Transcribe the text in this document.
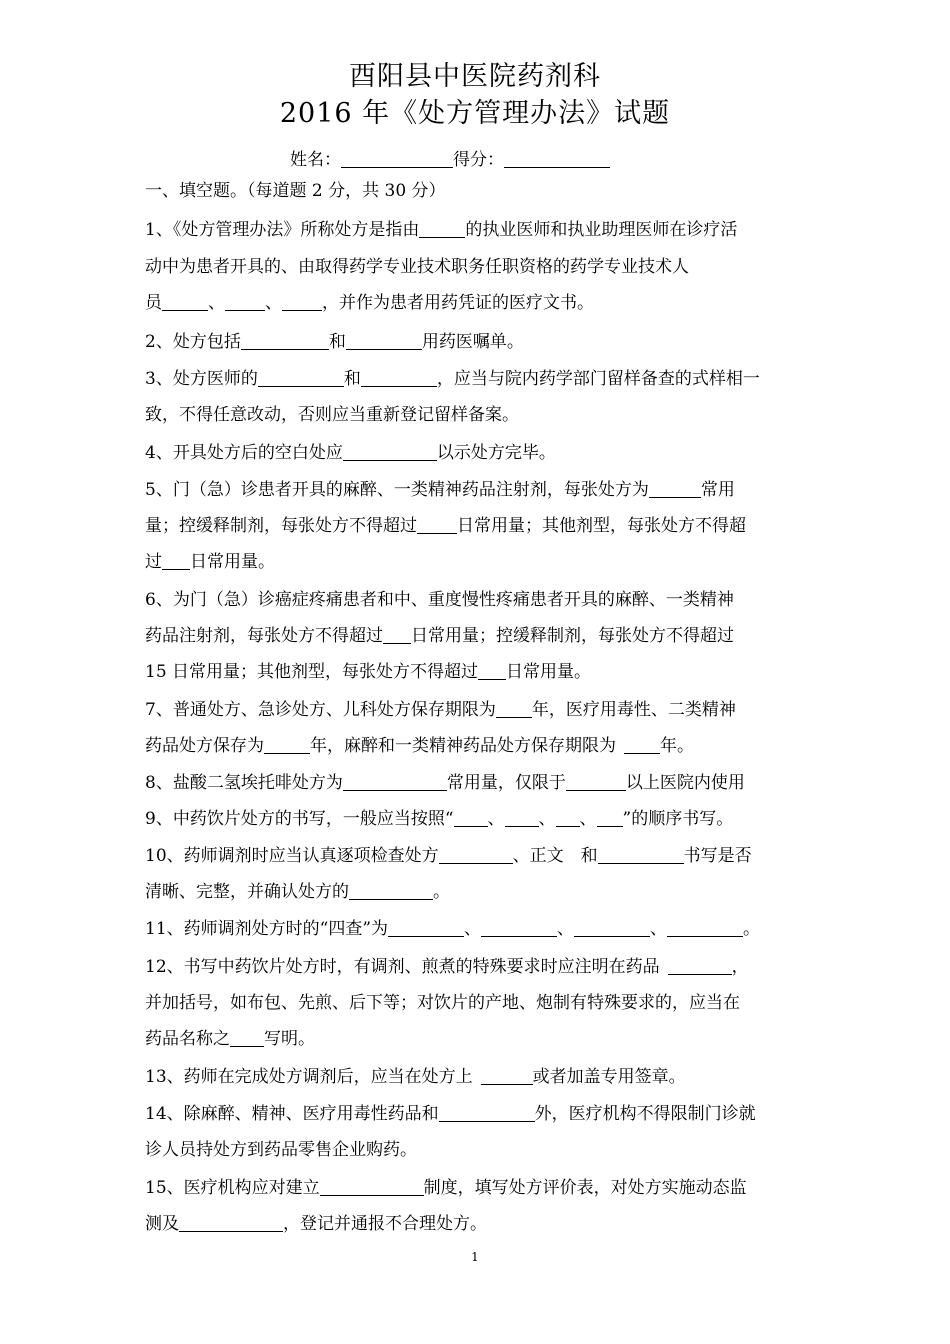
酉阳县中医院药剂科
2016 年《处方管理办法》试题
姓名：	得分：
一、填空题。（每道题 2 分，共 30 分）
1、《处方管理办法》所称处方是指由	的执业医师和执业助理医师在诊疗活
动中为患者开具的、由取得药学专业技术职务任职资格的药学专业技术人
员	、 、 ，并作为患者用药凭证的医疗文书。
2、处方包括	和	用药医嘱单。
3、处方医师的	和	，应当与院内药学部门留样备查的式样相一
致，不得任意改动，否则应当重新登记留样备案。
4、开具处方后的空白处应	以示处方完毕。
5、门（急）诊患者开具的麻醉、一类精神药品注射剂，每张处方为	常用
量；控缓释制剂，每张处方不得超过 日常用量；其他剂型，每张处方不得超
过 日常用量。
6、为门（急）诊癌症疼痛患者和中、重度慢性疼痛患者开具的麻醉、一类精神
药品注射剂，每张处方不得超过 日常用量；控缓释制剂，每张处方不得超过
15 日常用量；其他剂型，每张处方不得超过 日常用量。
7、普通处方、急诊处方、儿科处方保存期限为 年，医疗用毒性、二类精神
药品处方保存为	年，麻醉和一类精神药品处方保存期限为	年。
8、盐酸二氢埃托啡处方为	常用量，仅限于	以上医院内使用
9、中药饮片处方的书写，一般应当按照“ 、 、 、 ”的顺序书写。
10、药师调剂时应当认真逐项检查处方	、正文　和	书写是否
清晰、完整，并确认处方的	。
11、药师调剂处方时的“四查”为	、	、	、	。
12、书写中药饮片处方时，有调剂、煎煮的特殊要求时应注明在药品	，
并加括号，如布包、先煎、后下等；对饮片的产地、炮制有特殊要求的，应当在
药品名称之 写明。
13、药师在完成处方调剂后，应当在处方上	或者加盖专用签章。
14、除麻醉、精神、医疗用毒性药品和	外，医疗机构不得限制门诊就
诊人员持处方到药品零售企业购药。
15、医疗机构应对建立	制度，填写处方评价表，对处方实施动态监
测及	，登记并通报不合理处方。
1
